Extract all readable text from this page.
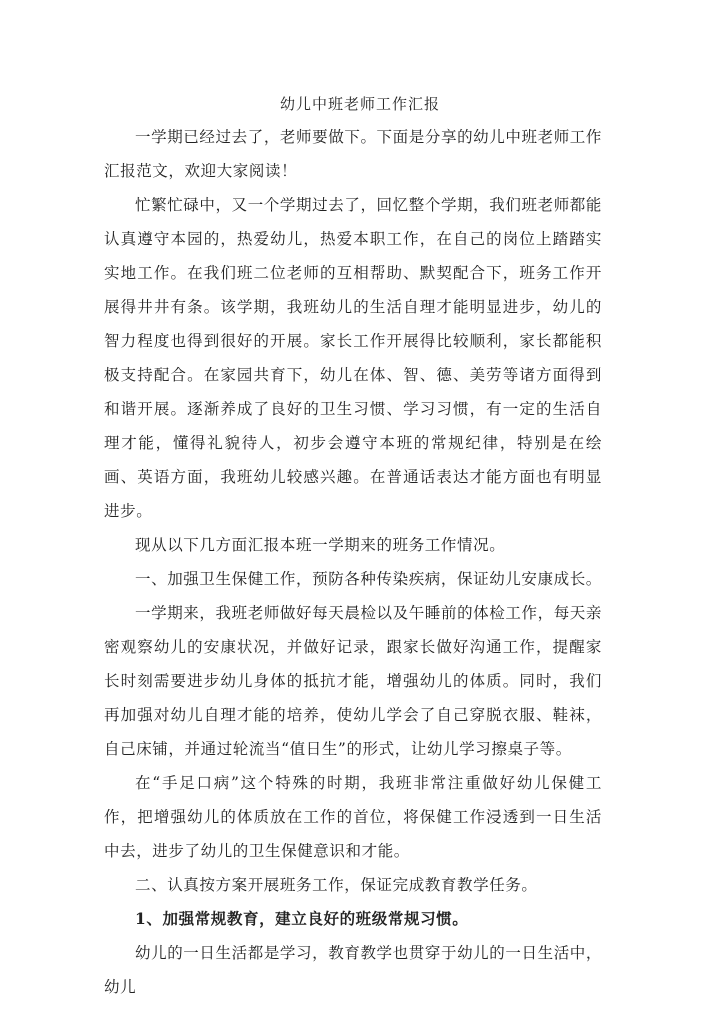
幼儿中班老师工作汇报

一学期已经过去了，老师要做下。下面是分享的幼儿中班老师工作汇报范文，欢迎大家阅读！

忙繁忙碌中，又一个学期过去了，回忆整个学期，我们班老师都能认真遵守本园的，热爱幼儿，热爱本职工作，在自己的岗位上踏踏实实地工作。在我们班二位老师的互相帮助、默契配合下，班务工作开展得井井有条。该学期，我班幼儿的生活自理才能明显进步，幼儿的智力程度也得到很好的开展。家长工作开展得比较顺利，家长都能积极支持配合。在家园共育下，幼儿在体、智、德、美劳等诸方面得到和谐开展。逐渐养成了良好的卫生习惯、学习习惯，有一定的生活自理才能，懂得礼貌待人，初步会遵守本班的常规纪律，特别是在绘画、英语方面，我班幼儿较感兴趣。在普通话表达才能方面也有明显进步。

现从以下几方面汇报本班一学期来的班务工作情况。

一、加强卫生保健工作，预防各种传染疾病，保证幼儿安康成长。

一学期来，我班老师做好每天晨检以及午睡前的体检工作，每天亲密观察幼儿的安康状况，并做好记录，跟家长做好沟通工作，提醒家长时刻需要进步幼儿身体的抵抗才能，增强幼儿的体质。同时，我们再加强对幼儿自理才能的培养，使幼儿学会了自己穿脱衣服、鞋袜，自己床铺，并通过轮流当“值日生”的形式，让幼儿学习擦桌子等。

在“手足口病”这个特殊的时期，我班非常注重做好幼儿保健工作，把增强幼儿的体质放在工作的首位，将保健工作浸透到一日生活中去，进步了幼儿的卫生保健意识和才能。

二、认真按方案开展班务工作，保证完成教育教学任务。

1、加强常规教育，建立良好的班级常规习惯。

幼儿的一日生活都是学习，教育教学也贯穿于幼儿的一日生活中，幼儿
